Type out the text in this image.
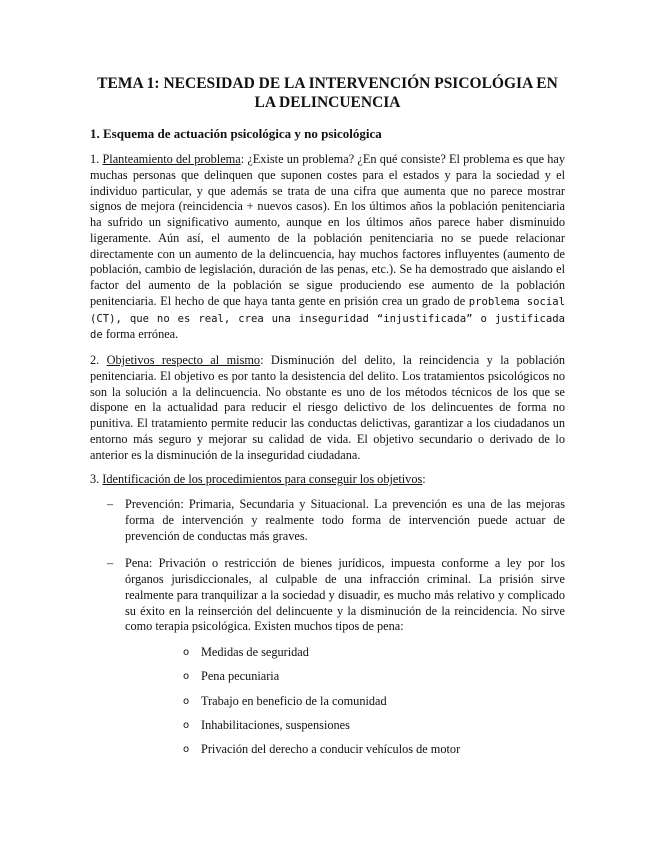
TEMA 1: NECESIDAD DE LA INTERVENCIÓN PSICOLÓGIA EN LA DELINCUENCIA
1. Esquema de actuación psicológica y no psicológica

1. Planteamiento del problema: ¿Existe un problema? ¿En qué consiste? El problema es que hay muchas personas que delinquen que suponen costes para el estados y para la sociedad y el individuo particular, y que además se trata de una cifra que aumenta que no parece mostrar signos de mejora (reincidencia + nuevos casos). En los últimos años la población penitenciaria ha sufrido un significativo aumento, aunque en los últimos años parece haber disminuido ligeramente. Aún así, el aumento de la población penitenciaria no se puede relacionar directamente con un aumento de la delincuencia, hay muchos factores influyentes (aumento de población, cambio de legislación, duración de las penas, etc.). Se ha demostrado que aislando el factor del aumento de la población se sigue produciendo ese aumento de la población penitenciaria. El hecho de que haya tanta gente en prisión crea un grado de problema social (CT), que no es real, crea una inseguridad “injustificada” o justificada de forma errónea.

2. Objetivos respecto al mismo: Disminución del delito, la reincidencia y la población penitenciaria. El objetivo es por tanto la desistencia del delito. Los tratamientos psicológicos no son la solución a la delincuencia. No obstante es uno de los métodos técnicos de los que se dispone en la actualidad para reducir el riesgo delictivo de los delincuentes de forma no punitiva. El tratamiento permite reducir las conductas delictivas, garantizar a los ciudadanos un entorno más seguro y mejorar su calidad de vida. El objetivo secundario o derivado de lo anterior es la disminución de la inseguridad ciudadana.

3. Identificación de los procedimientos para conseguir los objetivos:

– Prevención: Primaria, Secundaria y Situacional. La prevención es una de las mejoras forma de intervención y realmente todo forma de intervención puede actuar de prevención de conductas más graves.
– Pena: Privación o restricción de bienes jurídicos, impuesta conforme a ley por los órganos jurisdiccionales, al culpable de una infracción criminal. La prisión sirve realmente para tranquilizar a la sociedad y disuadir, es mucho más relativo y complicado su éxito en la reinserción del delincuente y la disminución de la reincidencia. No sirve como terapia psicológica. Existen muchos tipos de pena:
o Medidas de seguridad
o Pena pecuniaria
o Trabajo en beneficio de la comunidad
o Inhabilitaciones, suspensiones
o Privación del derecho a conducir vehículos de motor
